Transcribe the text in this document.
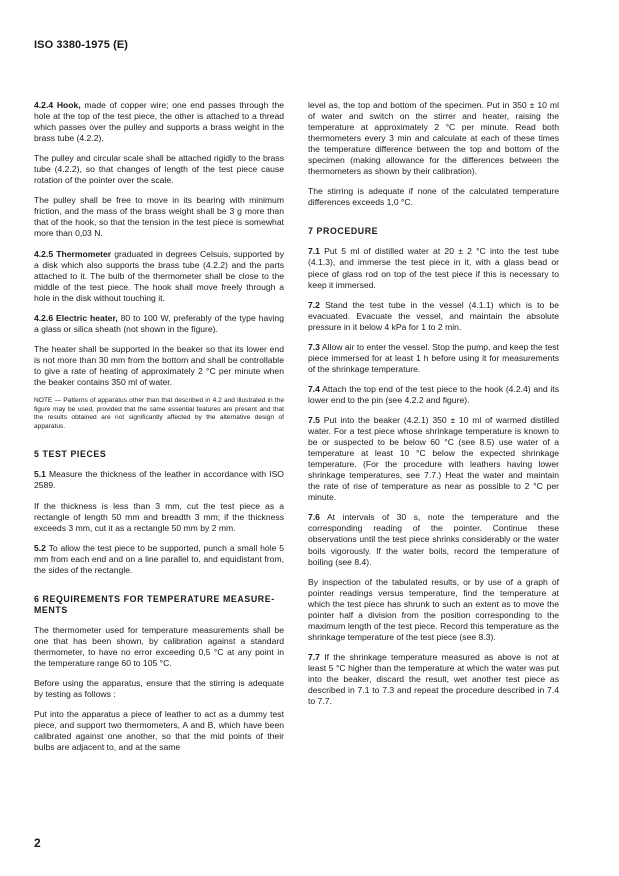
ISO 3380-1975 (E)

4.2.4 Hook, made of copper wire; one end passes through the hole at the top of the test piece, the other is attached to a thread which passes over the pulley and supports a brass weight in the brass tube (4.2.2).

The pulley and circular scale shall be attached rigidly to the brass tube (4.2.2), so that changes of length of the test piece cause rotation of the pointer over the scale.

The pulley shall be free to move in its bearing with minimum friction, and the mass of the brass weight shall be 3 g more than that of the hook, so that the tension in the test piece is somewhat more than 0,03 N.

4.2.5 Thermometer graduated in degrees Celsuis, supported by a disk which also supports the brass tube (4.2.2) and the parts attached to it. The bulb of the thermometer shall be close to the middle of the test piece. The hook shall move freely through a hole in the disk without touching it.

4.2.6 Electric heater, 80 to 100 W, preferably of the type having a glass or silica sheath (not shown in the figure).

The heater shall be supported in the beaker so that its lower end is not more than 30 mm from the bottom and shall be controllable to give a rate of heating of approximately 2 °C per minute when the beaker contains 350 ml of water.

NOTE — Patterns of apparatus other than that described in 4.2 and illustrated in the figure may be used, provided that the same essential features are present and that the results obtained are not significantly affected by the alternative design of apparatus.

5 TEST PIECES

5.1 Measure the thickness of the leather in accordance with ISO 2589.

If the thickness is less than 3 mm, cut the test piece as a rectangle of length 50 mm and breadth 3 mm; if the thickness exceeds 3 mm, cut it as a rectangle 50 mm by 2 mm.

5.2 To allow the test piece to be supported, punch a small hole 5 mm from each end and on a line parallel to, and equidistant from, the sides of the rectangle.

6 REQUIREMENTS FOR TEMPERATURE MEASUREMENTS

The thermometer used for temperature measurements shall be one that has been shown, by calibration against a standard thermometer, to have no error exceeding 0,5 °C at any point in the temperature range 60 to 105 °C.

Before using the apparatus, ensure that the stirring is adequate by testing as follows :

Put into the apparatus a piece of leather to act as a dummy test piece, and support two thermometers, A and B, which have been calibrated against one another, so that the mid points of their bulbs are adjacent to, and at the same

level as, the top and bottom of the specimen. Put in 350 ± 10 ml of water and switch on the stirrer and heater, raising the temperature at approximately 2 °C per minute. Read both thermometers every 3 min and calculate at each of these times the temperature difference between the top and bottom of the specimen (making allowance for the differences between the thermometers as shown by their calibration).

The stirring is adequate if none of the calculated temperature differences exceeds 1,0 °C.

7 PROCEDURE

7.1 Put 5 ml of distilled water at 20 ± 2 °C into the test tube (4.1.3), and immerse the test piece in it, with a glass bead or piece of glass rod on top of the test piece if this is necessary to keep it immersed.

7.2 Stand the test tube in the vessel (4.1.1) which is to be evacuated. Evacuate the vessel, and maintain the absolute pressure in it below 4 kPa for 1 to 2 min.

7.3 Allow air to enter the vessel. Stop the pump, and keep the test piece immersed for at least 1 h before using it for measurements of the shrinkage temperature.

7.4 Attach the top end of the test piece to the hook (4.2.4) and its lower end to the pin (see 4.2.2 and figure).

7.5 Put into the beaker (4.2.1) 350 ± 10 ml of warmed distilled water. For a test piece whose shrinkage temperature is known to be or suspected to be below 60 °C (see 8.5) use water of a temperature at least 10 °C below the expected shrinkage temperature. (For the procedure with leathers having lower shrinkage temperatures, see 7.7.) Heat the water and maintain the rate of rise of temperature as near as possible to 2 °C per minute.

7.6 At intervals of 30 s, note the temperature and the corresponding reading of the pointer. Continue these observations until the test piece shrinks considerably or the water boils vigorously. If the water boils, record the temperature of boiling (see 8.4).

By inspection of the tabulated results, or by use of a graph of pointer readings versus temperature, find the temperature at which the test piece has shrunk to such an extent as to move the pointer half a division from the position corresponding to the maximum length of the test piece. Record this temperature as the shrinkage temperature of the test piece (see 8.3).

7.7 If the shrinkage temperature measured as above is not at least 5 °C higher than the temperature at which the water was put into the beaker, discard the result, wet another test piece as described in 7.1 to 7.3 and repeat the procedure described in 7.4 to 7.7.

2
